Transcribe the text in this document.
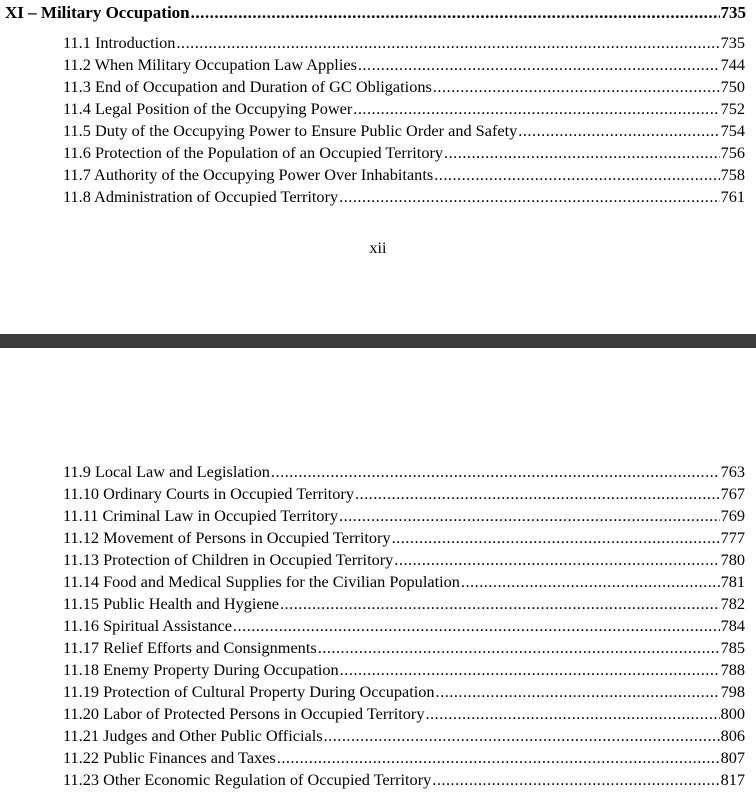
XI – Military Occupation .....	735
11.1 Introduction .....	735
11.2 When Military Occupation Law Applies .....	744
11.3 End of Occupation and Duration of GC Obligations .....	750
11.4 Legal Position of the Occupying Power .....	752
11.5 Duty of the Occupying Power to Ensure Public Order and Safety .....	754
11.6 Protection of the Population of an Occupied Territory .....	756
11.7 Authority of the Occupying Power Over Inhabitants .....	758
11.8 Administration of Occupied Territory .....	761
xii
11.9 Local Law and Legislation .....	763
11.10 Ordinary Courts in Occupied Territory .....	767
11.11 Criminal Law in Occupied Territory .....	769
11.12 Movement of Persons in Occupied Territory .....	777
11.13 Protection of Children in Occupied Territory .....	780
11.14 Food and Medical Supplies for the Civilian Population .....	781
11.15 Public Health and Hygiene .....	782
11.16 Spiritual Assistance .....	784
11.17 Relief Efforts and Consignments .....	785
11.18 Enemy Property During Occupation .....	788
11.19 Protection of Cultural Property During Occupation .....	798
11.20 Labor of Protected Persons in Occupied Territory .....	800
11.21 Judges and Other Public Officials .....	806
11.22 Public Finances and Taxes .....	807
11.23 Other Economic Regulation of Occupied Territory .....	817
